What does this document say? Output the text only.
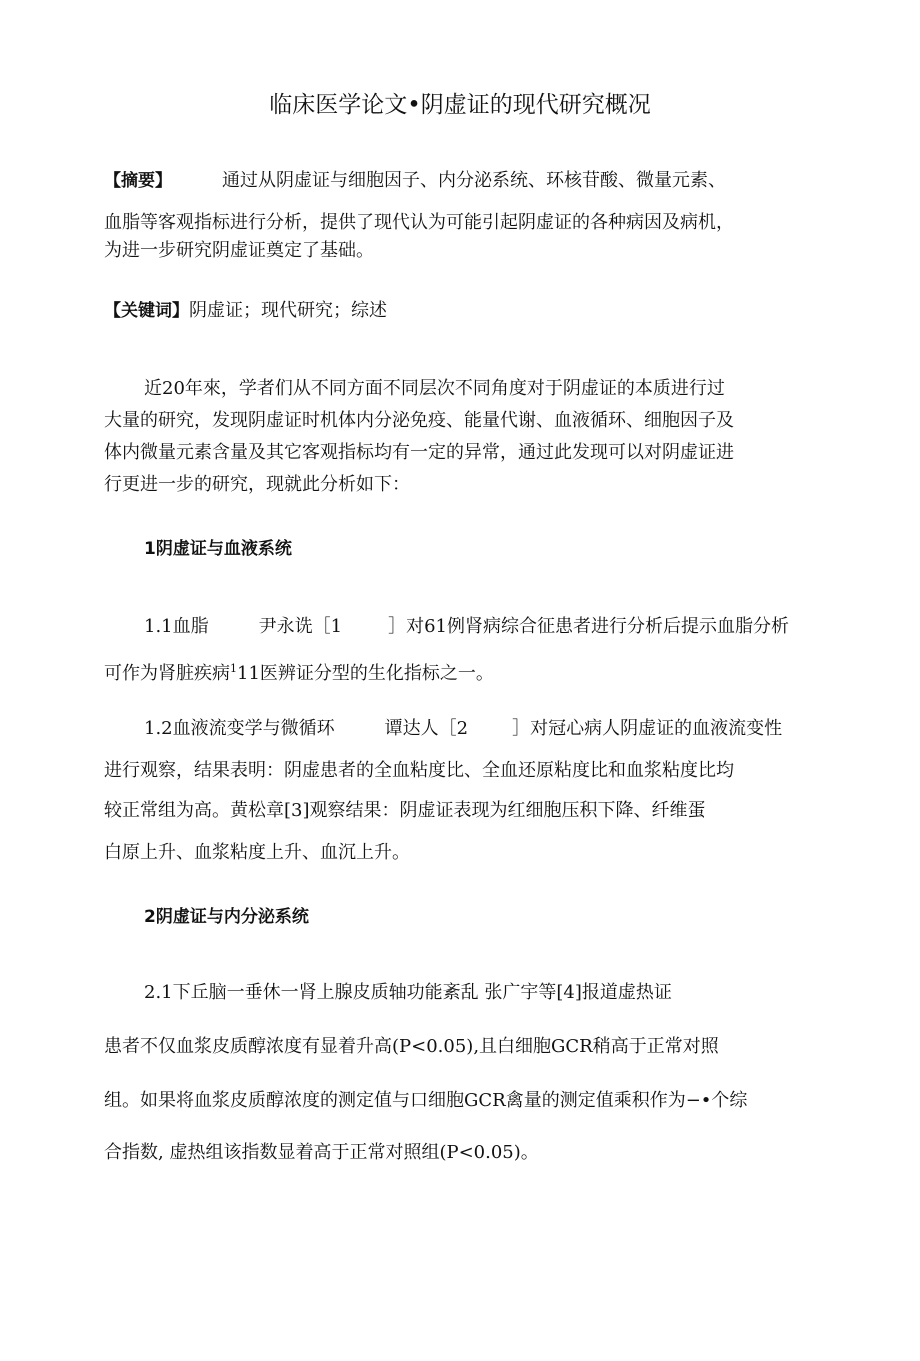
临床医学论文•阴虚证的现代研究概况

【摘要】	通过从阴虚证与细胞因子、内分泌系统、环核苷酸、微量元素、

血脂等客观指标进行分析，提供了现代认为可能引起阴虚证的各种病因及病机，

为进一步研究阴虚证奠定了基础。

【关键词】阴虚证；现代研究；综述

近20年來，学者们从不同方面不同层次不同角度对于阴虚证的本质进行过

大量的研究，发现阴虚证时机体内分泌免疫、能量代谢、血液循环、细胞因子及

体内微量元素含量及其它客观指标均有一定的异常，通过此发现可以对阴虚证进

行更进一步的研究，现就此分析如下：

1阴虚证与血液系统

1.1血脂	尹永诜［1	］对61例肾病综合征患者进行分析后提示血脂分析

可作为肾脏疾病$^1$11医辨证分型的生化指标之一。

1.2血液流变学与微循环	谭达人［2 ］对冠心病人阴虚证的血液流变性

进行观察，结果表明：阴虚患者的全血粘度比、全血还原粘度比和血浆粘度比均

较正常组为高。黄松章[3]观察结果：阴虚证表现为红细胞压积下降、纤维蛋

白原上升、血浆粘度上升、血沉上升。

2阴虚证与内分泌系统

2.1下丘脑一垂休一肾上腺皮质轴功能紊乱 张广宇等[4]报道虚热证

患者不仅血浆皮质醇浓度有显着升高(P<0.05),且白细胞GCR稍高于正常对照

组。如果将血浆皮质醇浓度的测定值与口细胞GCR禽量的测定值乘积作为−•个综

合指数, 虚热组该指数显着高于正常对照组(P<0.05)。
